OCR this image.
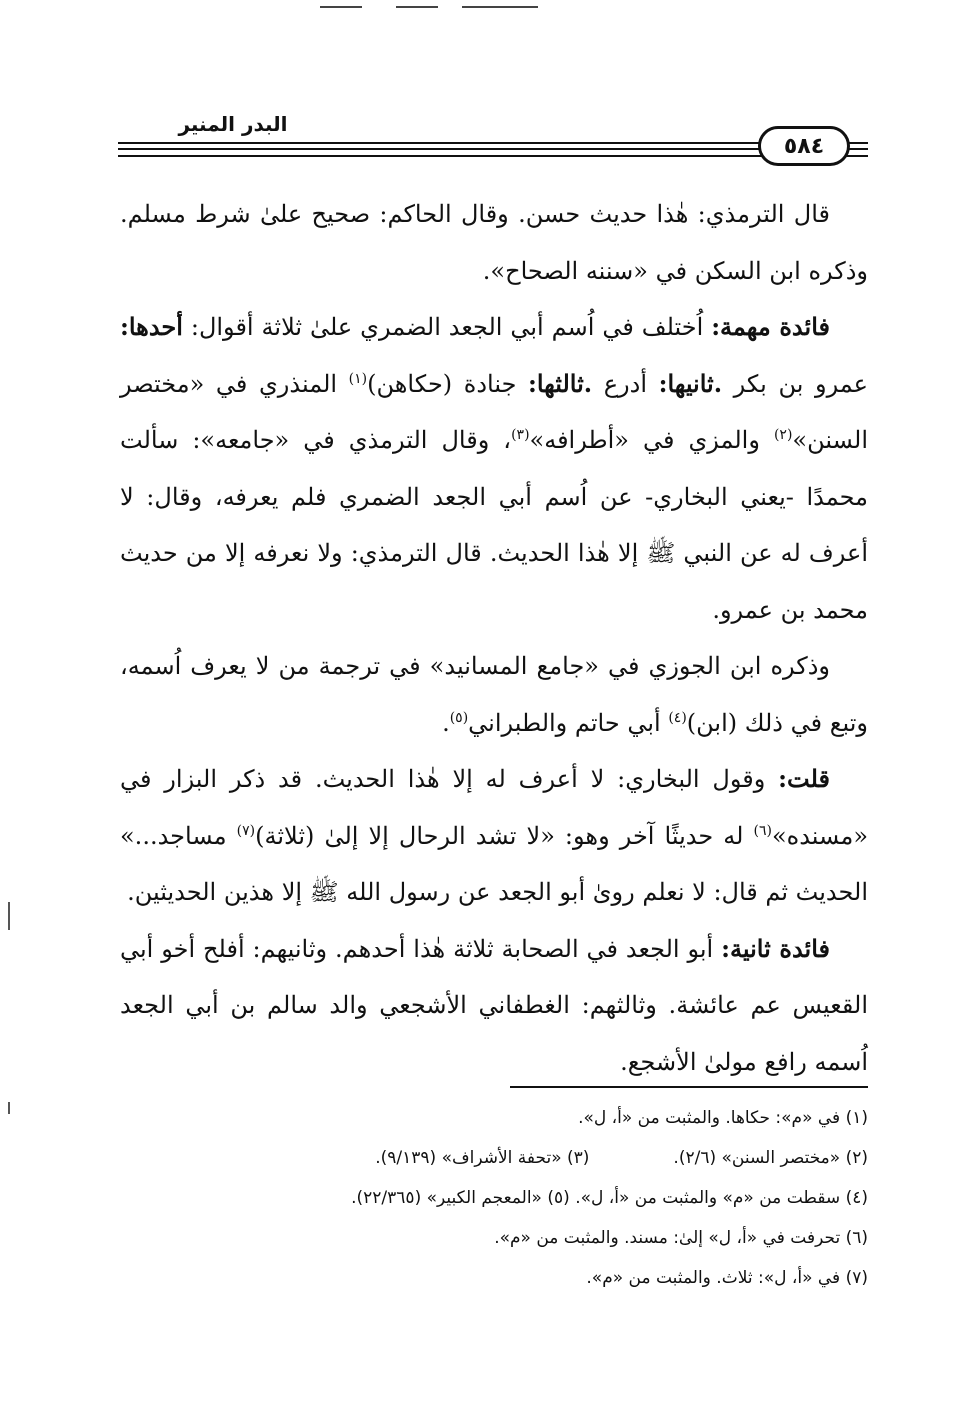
البدر المنير
٥٨٤

قال الترمذي: هٰذا حديث حسن. وقال الحاكم: صحيح علىٰ شرط مسلم. وذكره ابن السكن في «سننه الصحاح».

فائدة مهمة: اُختلف في اُسم أبي الجعد الضمري علىٰ ثلاثة أقوال: أحدها: عمرو بن بكر .ثانيها: أدرع .ثالثها: جنادة (حكاهن)$^{(١)}$ المنذري في «مختصر السنن»$^{(٢)}$ والمزي في «أطرافه»$^{(٣)}$، وقال الترمذي في «جامعه»: سألت محمدًا -يعني البخاري- عن اُسم أبي الجعد الضمري فلم يعرفه، وقال: لا أعرف له عن النبي ﷺ إلا هٰذا الحديث. قال الترمذي: ولا نعرفه إلا من حديث محمد بن عمرو.

وذكره ابن الجوزي في «جامع المسانيد» في ترجمة من لا يعرف اُسمه، وتبع في ذلك (ابن)$^{(٤)}$ أبي حاتم والطبراني$^{(٥)}$.

قلت: وقول البخاري: لا أعرف له إلا هٰذا الحديث. قد ذكر البزار في «مسنده»$^{(٦)}$ له حديثًا آخر وهو: «لا تشد الرحال إلا إلىٰ (ثلاثة)$^{(٧)}$ مساجد...» الحديث ثم قال: لا نعلم روىٰ أبو الجعد عن رسول الله ﷺ إلا هذين الحديثين.

فائدة ثانية: أبو الجعد في الصحابة ثلاثة هٰذا أحدهم. وثانيهم: أفلح أخو أبي القعيس عم عائشة. وثالثهم: الغطفاني الأشجعي والد سالم بن أبي الجعد اُسمه رافع مولىٰ الأشجع.

(١) في «م»: حكاها. والمثبت من «أ، ل».
(٢) «مختصر السنن» (٢/٦).(٣) «تحفة الأشراف» (٩/١٣٩).
(٤) سقطت من «م» والمثبت من «أ، ل». (٥) «المعجم الكبير» (٢٢/٣٦٥).
(٦) تحرفت في «أ، ل» إلىٰ: مسند. والمثبت من «م».
(٧) في «أ، ل»: ثلاث. والمثبت من «م».
